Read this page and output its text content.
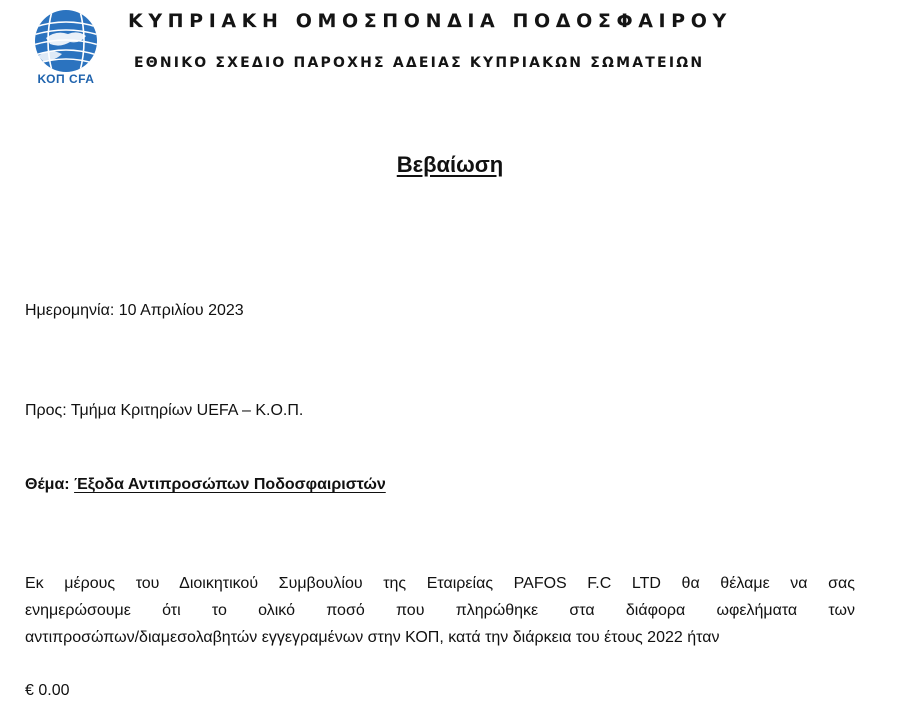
ΚΟΠ CFA
ΚΥΠΡΙΑΚΗ ΟΜΟΣΠΟΝΔΙΑ ΠΟΔΟΣΦΑΙΡΟΥ
ΕΘΝΙΚΟ ΣΧΕΔΙΟ ΠΑΡΟΧΗΣ ΑΔΕΙΑΣ ΚΥΠΡΙΑΚΩΝ ΣΩΜΑΤΕΙΩΝ
Βεβαίωση
Ημερομηνία: 10 Απριλίου 2023
Προς: Τμήμα Κριτηρίων UEFA – Κ.Ο.Π.
Θέμα: Έξοδα Αντιπροσώπων Ποδοσφαιριστών
Εκ μέρους του Διοικητικού Συμβουλίου της Εταιρείας PAFOS F.C LTD θα θέλαμε να σας
ενημερώσουμε ότι το ολικό ποσό που πληρώθηκε στα διάφορα ωφελήματα των
αντιπροσώπων/διαμεσολαβητών εγγεγραμένων στην ΚΟΠ, κατά την διάρκεια του έτους 2022 ήταν
€ 0.00
